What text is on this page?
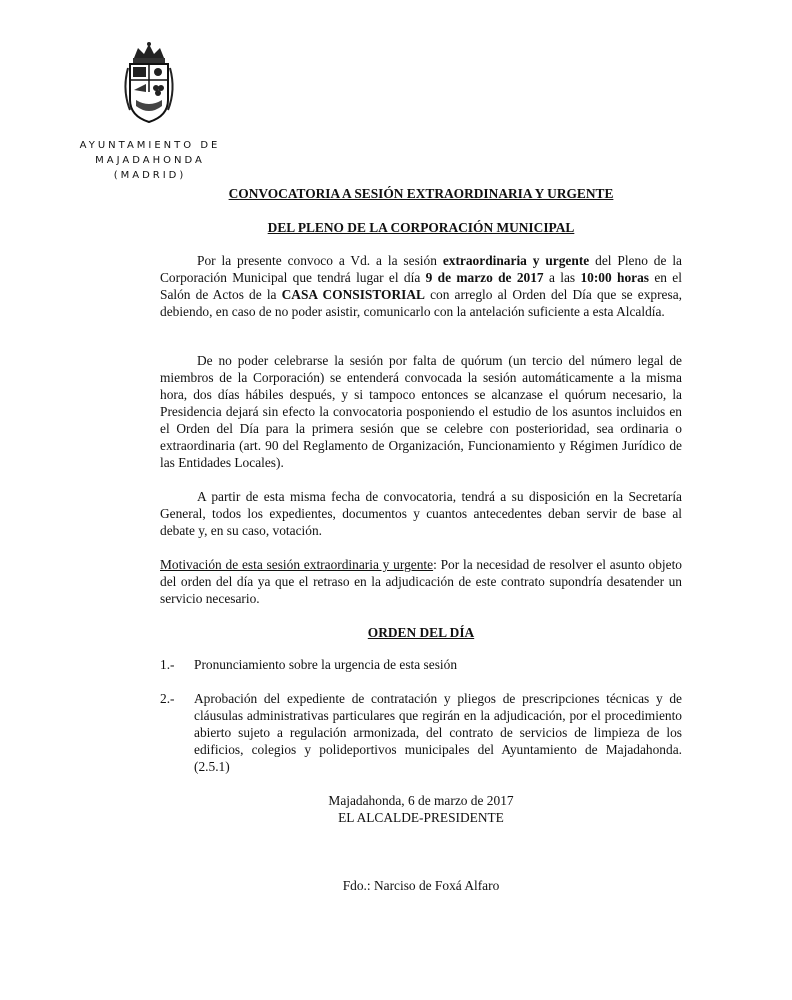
AYUNTAMIENTO DE
MAJADAHONDA
(MADRID)
CONVOCATORIA A SESIÓN EXTRAORDINARIA Y URGENTE
DEL PLENO DE LA CORPORACIÓN MUNICIPAL

Por la presente convoco a Vd. a la sesión extraordinaria y urgente del Pleno de la Corporación Municipal que tendrá lugar el día 9 de marzo de 2017 a las 10:00 horas en el Salón de Actos de la CASA CONSISTORIAL con arreglo al Orden del Día que se expresa, debiendo, en caso de no poder asistir, comunicarlo con la antelación suficiente a esta Alcaldía.

De no poder celebrarse la sesión por falta de quórum (un tercio del número legal de miembros de la Corporación) se entenderá convocada la sesión automáticamente a la misma hora, dos días hábiles después, y si tampoco entonces se alcanzase el quórum necesario, la Presidencia dejará sin efecto la convocatoria posponiendo el estudio de los asuntos incluidos en el Orden del Día para la primera sesión que se celebre con posterioridad, sea ordinaria o extraordinaria (art. 90 del Reglamento de Organización, Funcionamiento y Régimen Jurídico de las Entidades Locales).

A partir de esta misma fecha de convocatoria, tendrá a su disposición en la Secretaría General, todos los expedientes, documentos y cuantos antecedentes deban servir de base al debate y, en su caso, votación.

Motivación de esta sesión extraordinaria y urgente: Por la necesidad de resolver el asunto objeto del orden del día ya que el retraso en la adjudicación de este contrato supondría desatender un servicio necesario.

ORDEN DEL DÍA
1.- Pronunciamiento sobre la urgencia de esta sesión
2.- Aprobación del expediente de contratación y pliegos de prescripciones técnicas y de cláusulas administrativas particulares que regirán en la adjudicación, por el procedimiento abierto sujeto a regulación armonizada, del contrato de servicios de limpieza de los edificios, colegios y polideportivos municipales del Ayuntamiento de Majadahonda. (2.5.1)
Majadahonda, 6 de marzo de 2017
EL ALCALDE-PRESIDENTE
Fdo.: Narciso de Foxá Alfaro
